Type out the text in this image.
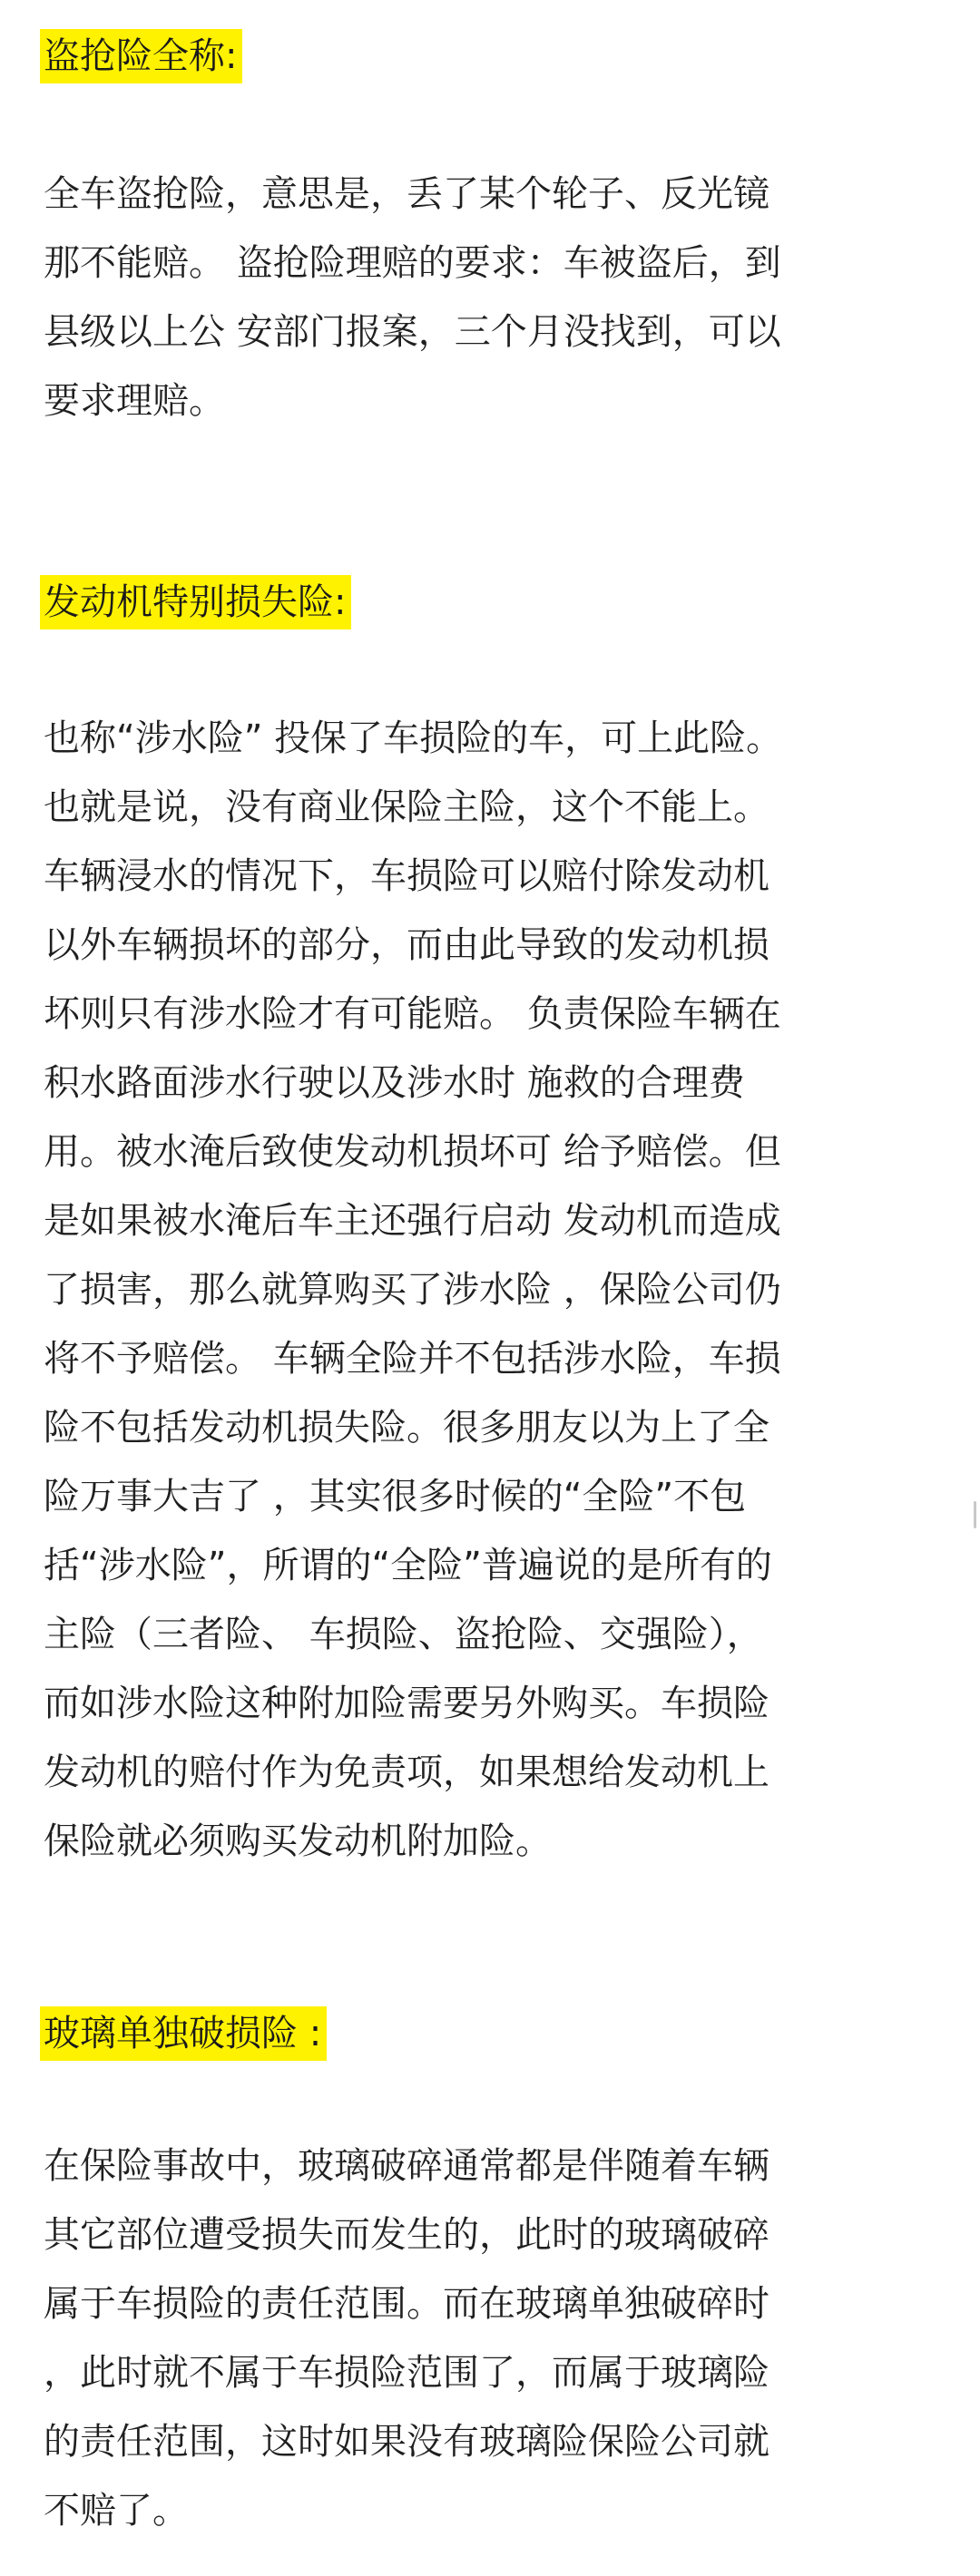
盗抢险全称:
全车盗抢险，意思是，丢了某个轮子、反光镜
那不能赔。 盗抢险理赔的要求：车被盗后，到
县级以上公 安部门报案，三个月没找到，可以
要求理赔。
发动机特别损失险:
也称“涉水险” 投保了车损险的车，可上此险。
也就是说，没有商业保险主险，这个不能上。
车辆浸水的情况下，车损险可以赔付除发动机
以外车辆损坏的部分，而由此导致的发动机损
坏则只有涉水险才有可能赔。 负责保险车辆在
积水路面涉水行驶以及涉水时 施救的合理费
用。被水淹后致使发动机损坏可 给予赔偿。但
是如果被水淹后车主还强行启动 发动机而造成
了损害，那么就算购买了涉水险 ，保险公司仍
将不予赔偿。 车辆全险并不包括涉水险，车损
险不包括发动机损失险。很多朋友以为上了全
险万事大吉了 ，其实很多时候的“全险”不包
括“涉水险”，所谓的“全险”普遍说的是所有的
主险（三者险、 车损险、盗抢险、交强险），
而如涉水险这种附加险需要另外购买。车损险
发动机的赔付作为免责项，如果想给发动机上
保险就必须购买发动机附加险。
玻璃单独破损险 :
在保险事故中，玻璃破碎通常都是伴随着车辆
其它部位遭受损失而发生的，此时的玻璃破碎
属于车损险的责任范围。而在玻璃单独破碎时
，此时就不属于车损险范围了，而属于玻璃险
的责任范围，这时如果没有玻璃险保险公司就
不赔了。
